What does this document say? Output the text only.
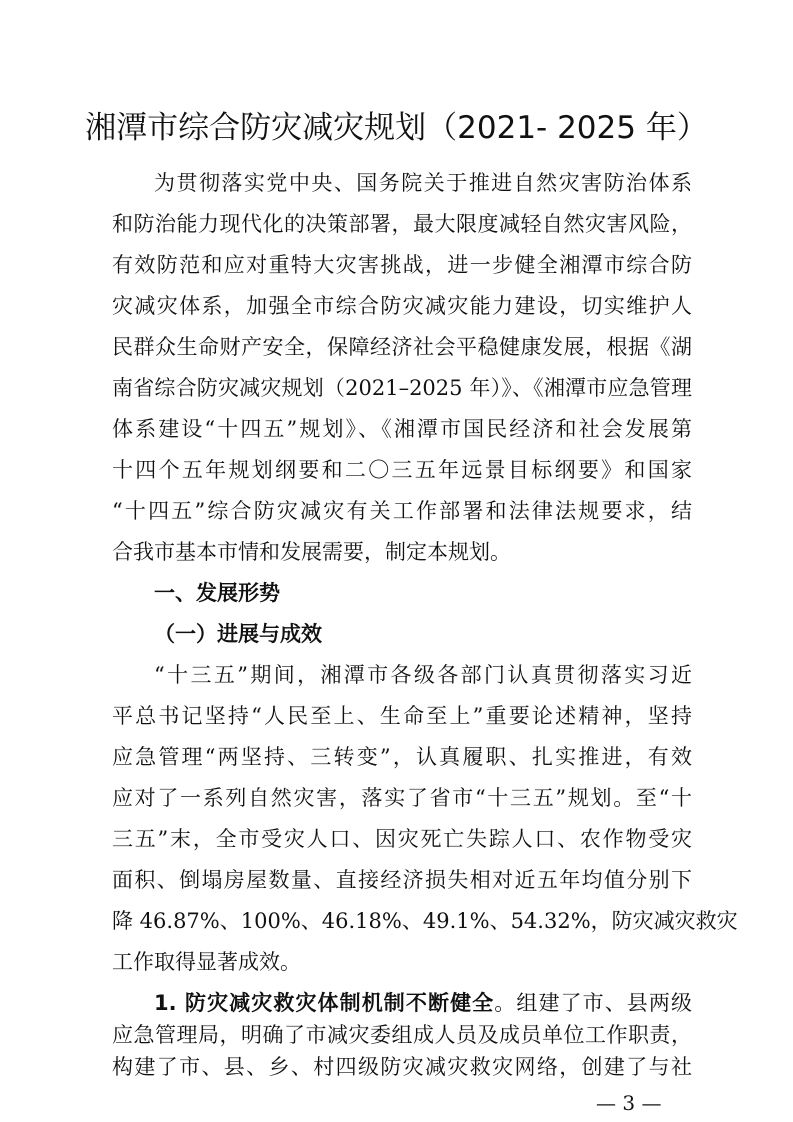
湘潭市综合防灾减灾规划（2021- 2025 年）

为贯彻落实党中央、国务院关于推进自然灾害防治体系

和防治能力现代化的决策部署，最大限度减轻自然灾害风险，

有效防范和应对重特大灾害挑战，进一步健全湘潭市综合防

灾减灾体系，加强全市综合防灾减灾能力建设，切实维护人

民群众生命财产安全，保障经济社会平稳健康发展，根据《湖

南省综合防灾减灾规划（2021–2025 年）》、《湘潭市应急管理

体系建设“十四五”规划》、《湘潭市国民经济和社会发展第

十四个五年规划纲要和二〇三五年远景目标纲要》和国家

“十四五”综合防灾减灾有关工作部署和法律法规要求，结

合我市基本市情和发展需要，制定本规划。

一、发展形势
（一）进展与成效

“十三五”期间，湘潭市各级各部门认真贯彻落实习近

平总书记坚持“人民至上、生命至上”重要论述精神，坚持

应急管理“两坚持、三转变”，认真履职、扎实推进，有效

应对了一系列自然灾害，落实了省市“十三五”规划。至“十

三五”末，全市受灾人口、因灾死亡失踪人口、农作物受灾

面积、倒塌房屋数量、直接经济损失相对近五年均值分别下

降 46.87%、100%、46.18%、49.1%、54.32%，防灾减灾救灾

工作取得显著成效。

1. 防灾减灾救灾体制机制不断健全。组建了市、县两级

— 3 —

应急管理局，明确了市减灾委组成人员及成员单位工作职责，

构建了市、县、乡、村四级防灾减灾救灾网络，创建了与社
